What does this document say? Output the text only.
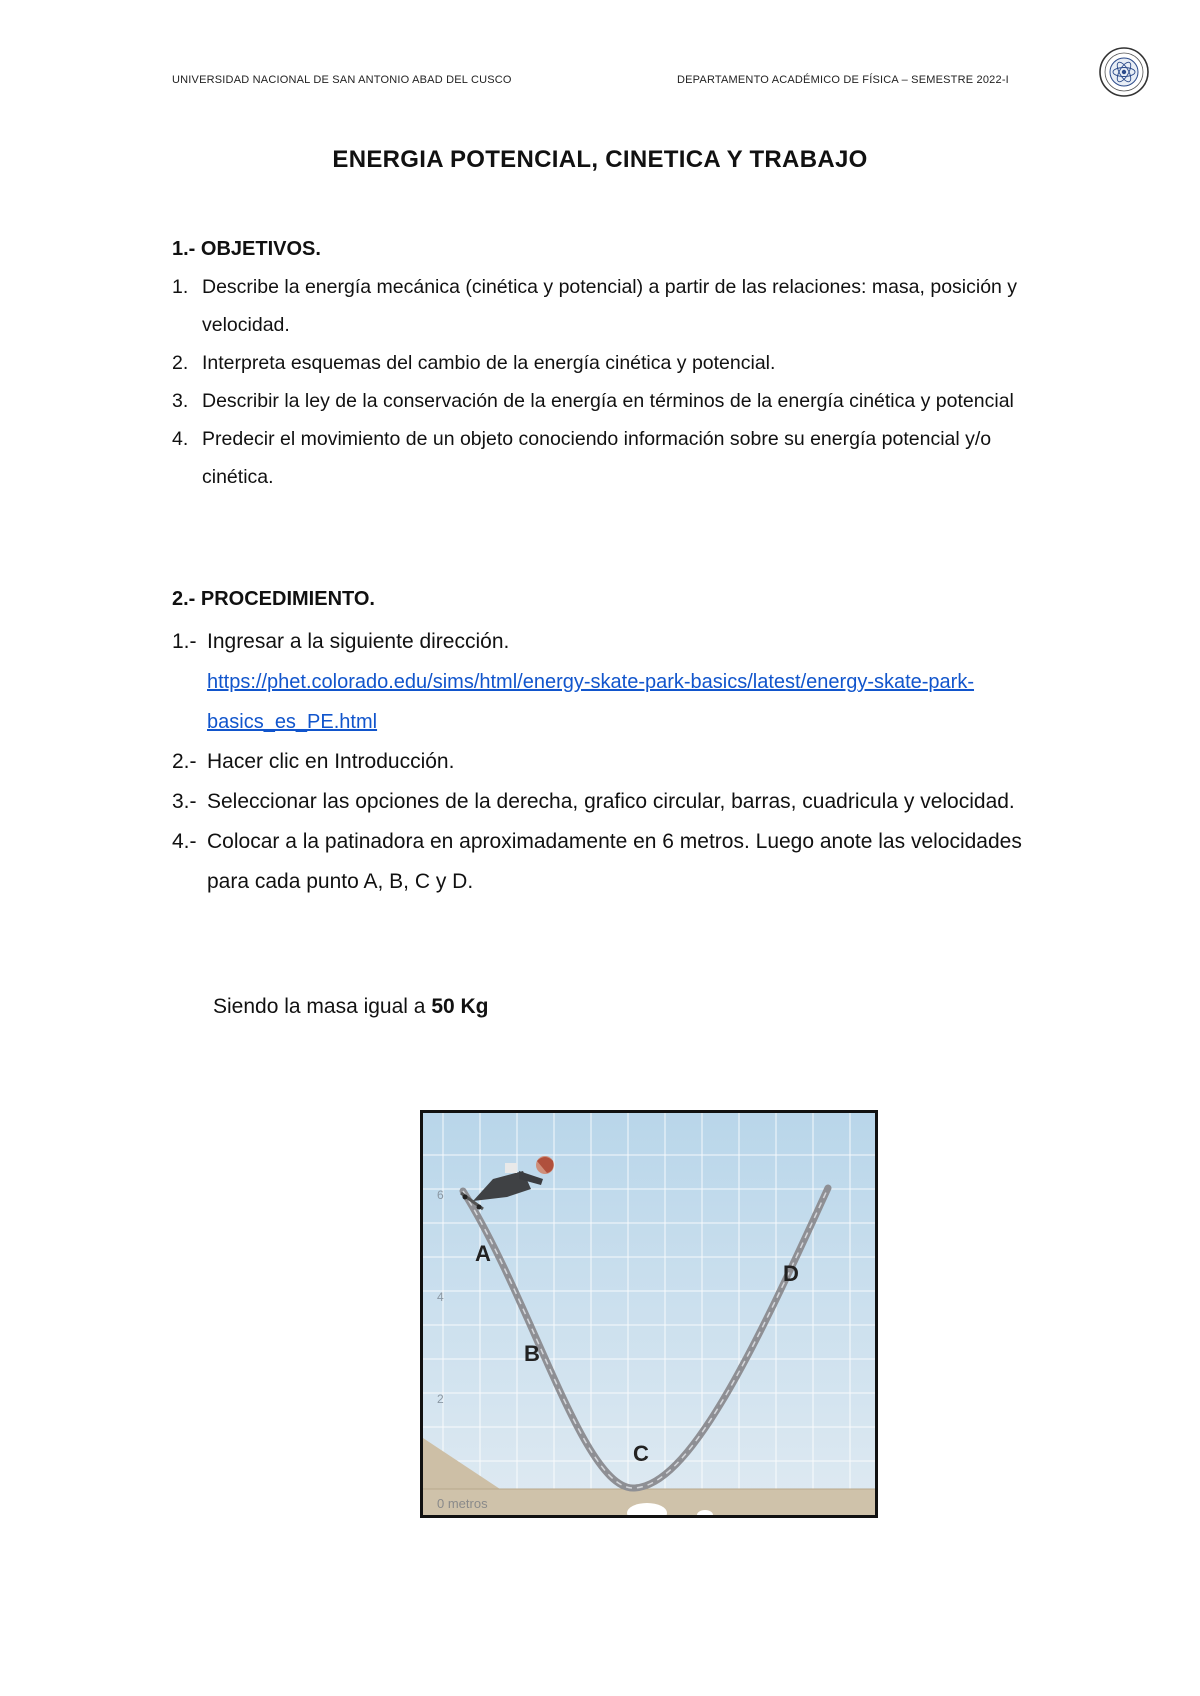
UNIVERSIDAD NACIONAL DE SAN ANTONIO ABAD DEL CUSCO	DEPARTAMENTO ACADÉMICO DE FÍSICA – SEMESTRE 2022-I
ENERGIA POTENCIAL, CINETICA Y TRABAJO
1.- OBJETIVOS.
1. Describe la energía mecánica (cinética y potencial) a partir de las relaciones: masa, posición y velocidad.
2. Interpreta esquemas del cambio de la energía cinética y potencial.
3. Describir la ley de la conservación de la energía en términos de la energía cinética y potencial
4. Predecir el movimiento de un objeto conociendo información sobre su energía potencial y/o cinética.
2.- PROCEDIMIENTO.
1.- Ingresar a la siguiente dirección.
https://phet.colorado.edu/sims/html/energy-skate-park-basics/latest/energy-skate-park- basics_es_PE.html
2.- Hacer clic en Introducción.
3.- Seleccionar las opciones de la derecha, grafico circular, barras, cuadricula y velocidad.
4.- Colocar a la patinadora en aproximadamente en 6 metros. Luego anote las velocidades para cada punto A, B, C y D.
Siendo la masa igual a 50 Kg
6
4
2
0 metros
A
B
C
D
